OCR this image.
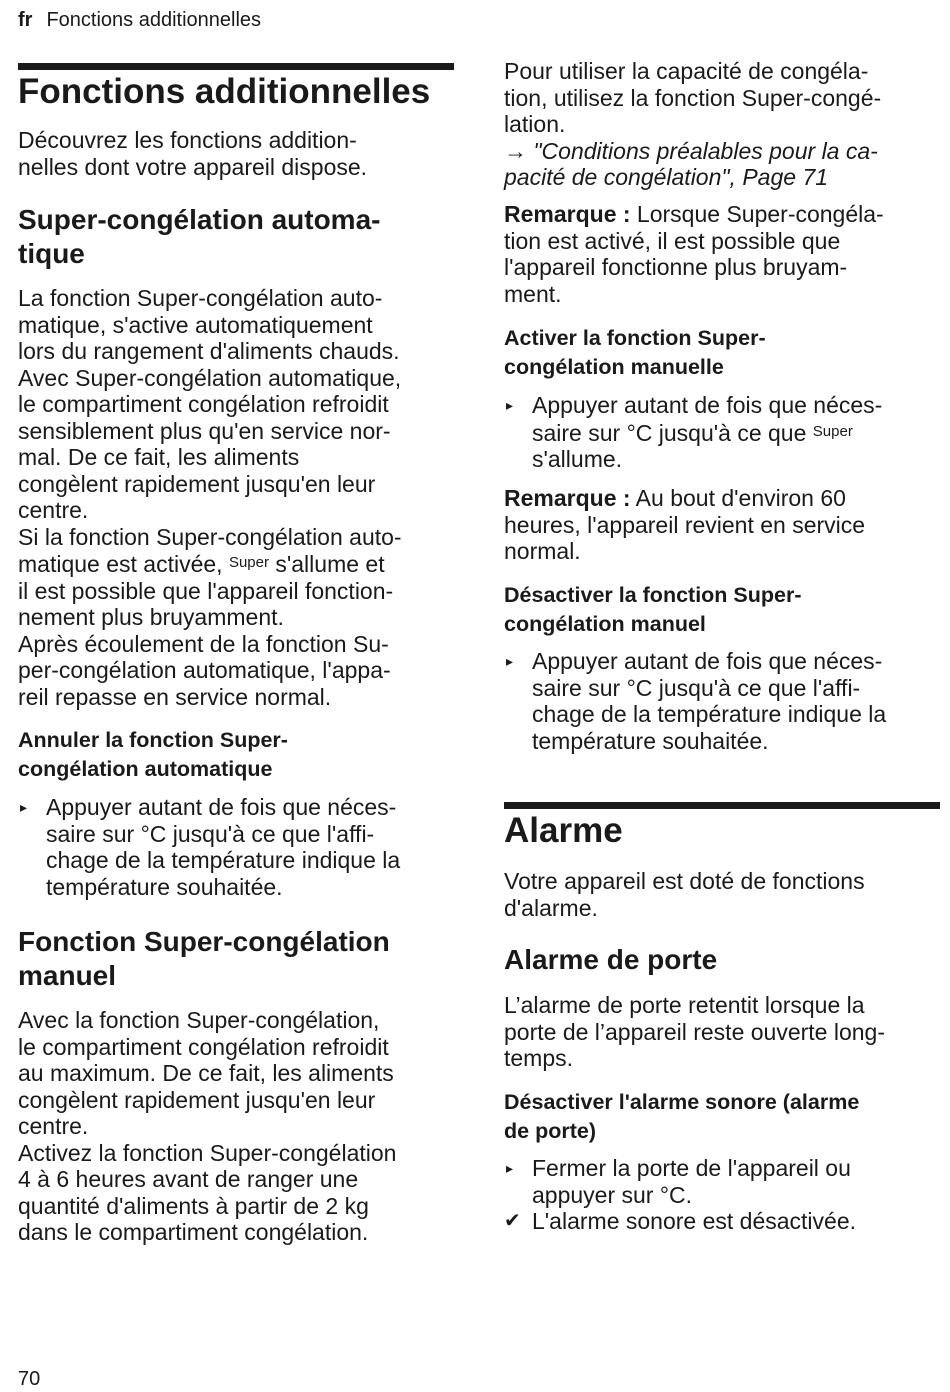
fr Fonctions additionnelles
Fonctions additionnelles
Découvrez les fonctions addition-
nelles dont votre appareil dispose.
Super-congélation automa-
tique
La fonction Super-congélation auto-
matique, s'active automatiquement
lors du rangement d'aliments chauds.
Avec Super-congélation automatique,
le compartiment congélation refroidit
sensiblement plus qu'en service nor-
mal. De ce fait, les aliments
congèlent rapidement jusqu'en leur
centre.
Si la fonction Super-congélation auto-
matique est activée, $^{Super}$ s'allume et
il est possible que l'appareil fonction-
nement plus bruyamment.
Après écoulement de la fonction Su-
per-congélation automatique, l'appa-
reil repasse en service normal.
Annuler la fonction Super-
congélation automatique
▸ Appuyer autant de fois que néces-
saire sur °C jusqu'à ce que l'affi-
chage de la température indique la
température souhaitée.
Fonction Super-congélation
manuel
Avec la fonction Super-congélation,
le compartiment congélation refroidit
au maximum. De ce fait, les aliments
congèlent rapidement jusqu'en leur
centre.
Activez la fonction Super-congélation
4 à 6 heures avant de ranger une
quantité d'aliments à partir de 2 kg
dans le compartiment congélation.
Pour utiliser la capacité de congéla-
tion, utilisez la fonction Super-congé-
lation.
→ "Conditions préalables pour la ca-
pacité de congélation", Page 71
Remarque : Lorsque Super-congéla-
tion est activé, il est possible que
l'appareil fonctionne plus bruyam-
ment.
Activer la fonction Super-
congélation manuelle
▸ Appuyer autant de fois que néces-
saire sur °C jusqu'à ce que $^{Super}$
s'allume.
Remarque : Au bout d'environ 60
heures, l'appareil revient en service
normal.
Désactiver la fonction Super-
congélation manuel
▸ Appuyer autant de fois que néces-
saire sur °C jusqu'à ce que l'affi-
chage de la température indique la
température souhaitée.
Alarme
Votre appareil est doté de fonctions
d'alarme.
Alarme de porte
L’alarme de porte retentit lorsque la
porte de l’appareil reste ouverte long-
temps.
Désactiver l'alarme sonore (alarme
de porte)
▸ Fermer la porte de l'appareil ou
appuyer sur °C.
✔ L'alarme sonore est désactivée.
70
